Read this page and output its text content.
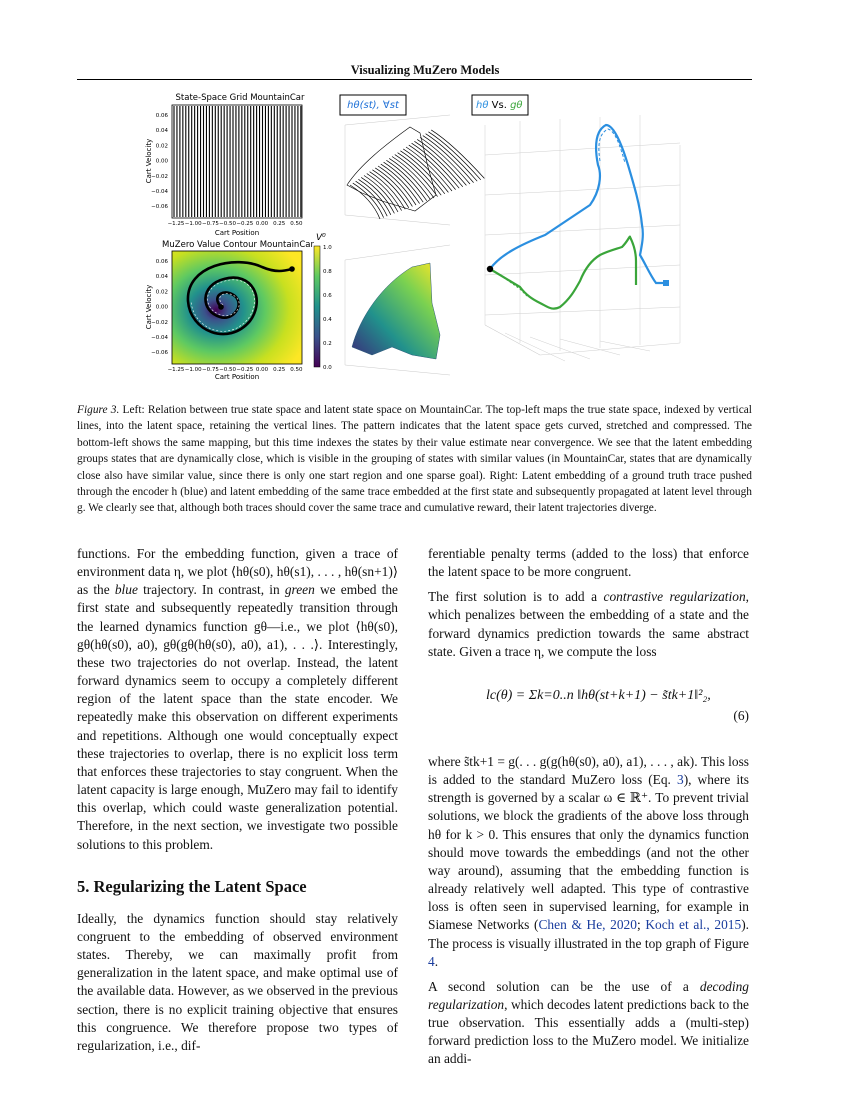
Visualizing MuZero Models
State-Space Grid MountainCar
−1.25 −1.00 −0.75 −0.50 −0.25 0.00 0.25 0.50
0.06
0.04
0.02
0.00
−0.02
−0.04
−0.06
Cart Position
Cart Velocity
MuZero Value Contour MountainCar
−1.25 −1.00 −0.75 −0.50 −0.25 0.00 0.25 0.50
0.06
0.04
0.02
0.00
−0.02
−0.04
−0.06
Cart Position
Cart Velocity
V⁰
1.0
0.8
0.6
0.4
0.2
0.0
hθ(st), ∀st	hθ Vs. gθ
Figure 3. Left: Relation between true state space and latent state space on MountainCar. The top-left maps the true state space, indexed by vertical lines, into the latent space, retaining the vertical lines. The pattern indicates that the latent space gets curved, stretched and compressed. The bottom-left shows the same mapping, but this time indexes the states by their value estimate near convergence. We see that the latent embedding groups states that are dynamically close, which is visible in the grouping of states with similar values (in MountainCar, states that are dynamically close also have similar value, since there is only one start region and one sparse goal). Right: Latent embedding of a ground truth trace pushed through the encoder h (blue) and latent embedding of the same trace embedded at the first state and subsequently propagated at latent level through g. We clearly see that, although both traces should cover the same trace and cumulative reward, their latent trajectories diverge.

functions. For the embedding function, given a trace of environment data η, we plot ⟨hθ(s0), hθ(s1), . . . , hθ(sn+1)⟩ as the blue trajectory. In contrast, in green we embed the first state and subsequently repeatedly transition through the learned dynamics function gθ—i.e., we plot ⟨hθ(s0), gθ(hθ(s0), a0), gθ(gθ(hθ(s0), a0), a1), . . .⟩. Interestingly, these two trajectories do not overlap. Instead, the latent forward dynamics seem to occupy a completely different region of the latent space than the state encoder. We repeatedly make this observation on different experiments and repetitions. Although one would conceptually expect these trajectories to overlap, there is no explicit loss term that enforces these trajectories to stay congruent. When the latent capacity is large enough, MuZero may fail to identify this overlap, which could waste generalization potential. Therefore, in the next section, we investigate two possible solutions to this problem.

5. Regularizing the Latent Space

Ideally, the dynamics function should stay relatively congruent to the embedding of observed environment states. Thereby, we can maximally profit from generalization in the latent space, and make optimal use of the available data. However, as we observed in the previous section, there is no explicit training objective that ensures this congruence. We therefore propose two types of regularization, i.e., dif-

ferentiable penalty terms (added to the loss) that enforce the latent space to be more congruent.

The first solution is to add a contrastive regularization, which penalizes between the embedding of a state and the forward dynamics prediction towards the same abstract state. Given a trace η, we compute the loss

lc(θ) = Σk=0..n ‖hθ(st+k+1) − s̃tk+1‖²₂,
(6)

where s̃tk+1 = g(. . . g(g(hθ(s0), a0), a1), . . . , ak). This loss is added to the standard MuZero loss (Eq. 3), where its strength is governed by a scalar ω ∈ ℝ⁺. To prevent trivial solutions, we block the gradients of the above loss through hθ for k > 0. This ensures that only the dynamics function should move towards the embeddings (and not the other way around), assuming that the embedding function is already relatively well adapted. This type of contrastive loss is often seen in supervised learning, for example in Siamese Networks (Chen & He, 2020; Koch et al., 2015). The process is visually illustrated in the top graph of Figure 4.

A second solution can be the use of a decoding regularization, which decodes latent predictions back to the true observation. This essentially adds a (multi-step) forward prediction loss to the MuZero model. We initialize an addi-
